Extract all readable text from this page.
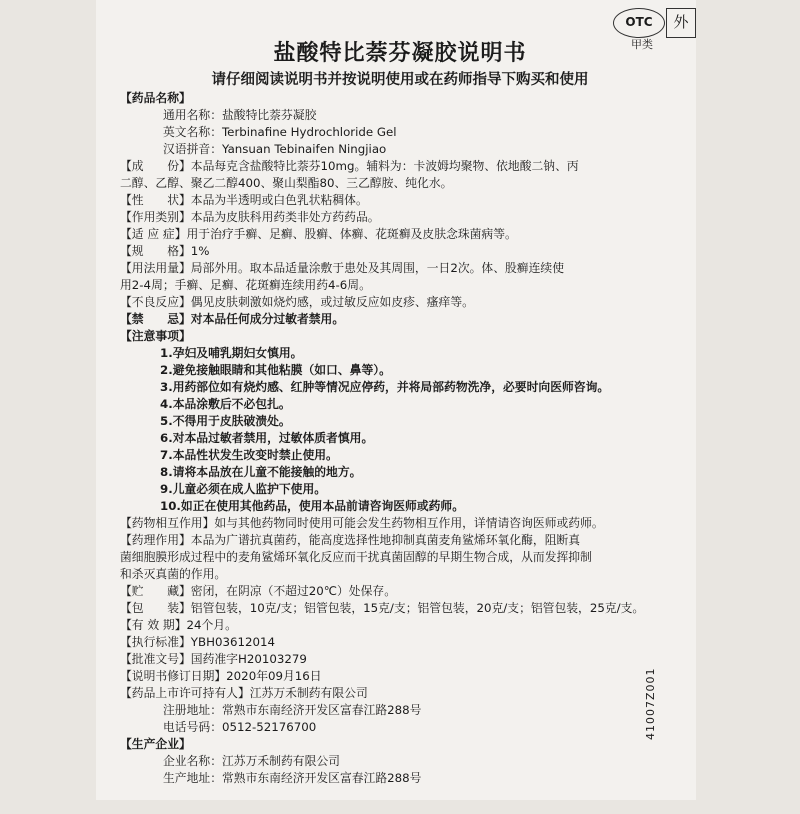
OTC
甲类
外
盐酸特比萘芬凝胶说明书
请仔细阅读说明书并按说明使用或在药师指导下购买和使用
【药品名称】
通用名称：盐酸特比萘芬凝胶
英文名称：Terbinafine Hydrochloride Gel
汉语拼音：Yansuan Tebinaifen Ningjiao
【成　　份】本品每克含盐酸特比萘芬10mg。辅料为：卡波姆均聚物、依地酸二钠、丙
二醇、乙醇、聚乙二醇400、聚山梨酯80、三乙醇胺、纯化水。
【性　　状】本品为半透明或白色乳状粘稠体。
【作用类别】本品为皮肤科用药类非处方药药品。
【适 应 症】用于治疗手癣、足癣、股癣、体癣、花斑癣及皮肤念珠菌病等。
【规　　格】1%
【用法用量】局部外用。取本品适量涂敷于患处及其周围，一日2次。体、股癣连续使
用2-4周；手癣、足癣、花斑癣连续用药4-6周。
【不良反应】偶见皮肤刺激如烧灼感，或过敏反应如皮疹、瘙痒等。
【禁　　忌】对本品任何成分过敏者禁用。
【注意事项】
1.孕妇及哺乳期妇女慎用。
2.避免接触眼睛和其他粘膜（如口、鼻等）。
3.用药部位如有烧灼感、红肿等情况应停药，并将局部药物洗净，必要时向医师咨询。
4.本品涂敷后不必包扎。
5.不得用于皮肤破溃处。
6.对本品过敏者禁用，过敏体质者慎用。
7.本品性状发生改变时禁止使用。
8.请将本品放在儿童不能接触的地方。
9.儿童必须在成人监护下使用。
10.如正在使用其他药品，使用本品前请咨询医师或药师。
【药物相互作用】如与其他药物同时使用可能会发生药物相互作用，详情请咨询医师或药师。
【药理作用】本品为广谱抗真菌药，能高度选择性地抑制真菌麦角鲨烯环氧化酶，阻断真
菌细胞膜形成过程中的麦角鲨烯环氧化反应而干扰真菌固醇的早期生物合成，从而发挥抑制
和杀灭真菌的作用。
【贮　　藏】密闭，在阴凉（不超过20℃）处保存。
【包　　装】铝管包装，10克/支；铝管包装，15克/支；铝管包装，20克/支；铝管包装，25克/支。
【有 效 期】24个月。
【执行标准】YBH03612014
【批准文号】国药准字H20103279
【说明书修订日期】2020年09月16日
【药品上市许可持有人】江苏万禾制药有限公司
注册地址：常熟市东南经济开发区富春江路288号
电话号码：0512-52176700
【生产企业】
企业名称：江苏万禾制药有限公司
生产地址：常熟市东南经济开发区富春江路288号
41007Z001
